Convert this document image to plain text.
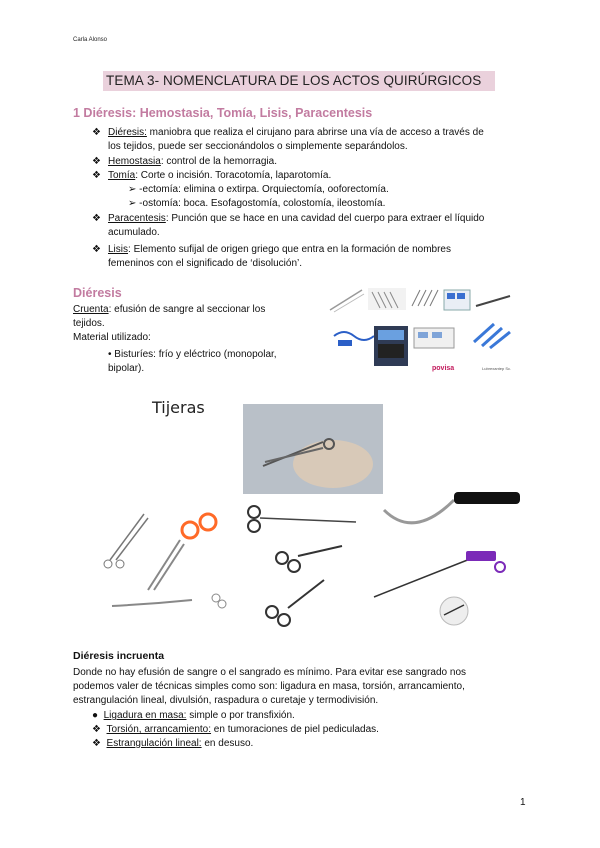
Carla Alonso
TEMA 3- NOMENCLATURA DE LOS ACTOS QUIRÚRGICOS
1 Diéresis: Hemostasia, Tomía, Lisis, Paracentesis
❖ Diéresis: maniobra que realiza el cirujano para abrirse una vía de acceso a través de
los tejidos, puede ser seccionándolos o simplemente separándolos.
❖ Hemostasia: control de la hemorragia.
❖ Tomía: Corte o incisión. Toracotomía, laparotomía.
➢ -ectomía: elimina o extirpa. Orquiectomía, ooforectomía.
➢ -ostomía: boca. Esofagostomía, colostomía, ileostomía.
❖ Paracentesis: Punción que se hace en una cavidad del cuerpo para extraer el líquido
acumulado.
❖ Lisis: Elemento sufijal de origen griego que entra en la formación de nombres
femeninos con el significado de ‘disolución’.
Diéresis
Cruenta: efusión de sangre al seccionar los
tejidos.
Material utilizado:
• Bisturíes: frío y eléctrico (monopolar,
bipolar).	povisa	Lubrexantep Sc.
Tijeras
Diéresis incruenta
Donde no hay efusión de sangre o el sangrado es mínimo. Para evitar ese sangrado nos
podemos valer de técnicas simples como son: ligadura en masa, torsión, arrancamiento,
estrangulación lineal, divulsión, raspadura o curetaje y termodivisión.
● Ligadura en masa: simple o por transfixión.
❖ Torsión, arrancamiento: en tumoraciones de piel pediculadas.
❖ Estrangulación lineal: en desuso.
1
